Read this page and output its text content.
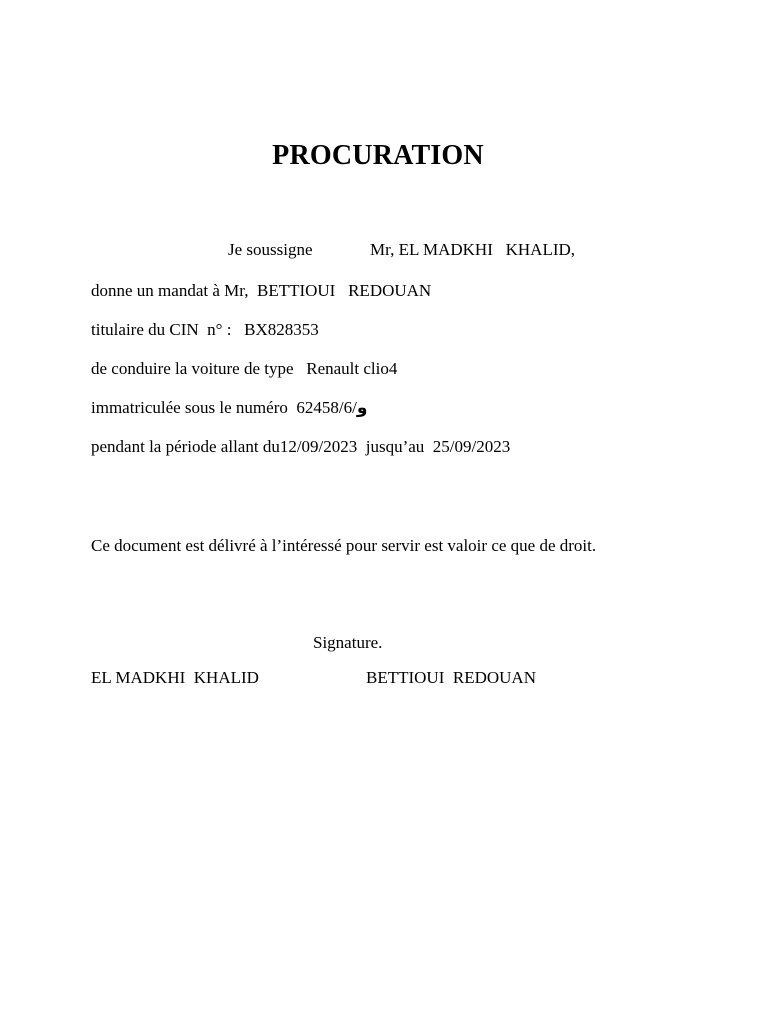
PROCURATION
Je soussigne	Mr, EL MADKHI   KHALID,
donne un mandat à Mr,  BETTIOUI   REDOUAN
titulaire du CIN  n° :   BX828353
de conduire la voiture de type   Renault clio4
immatriculée sous le numéro  62458/6/و
pendant la période allant du12/09/2023  jusqu’au  25/09/2023
Ce document est délivré à l’intéressé pour servir est valoir ce que de droit.
Signature.
EL MADKHI  KHALID	BETTIOUI  REDOUAN
